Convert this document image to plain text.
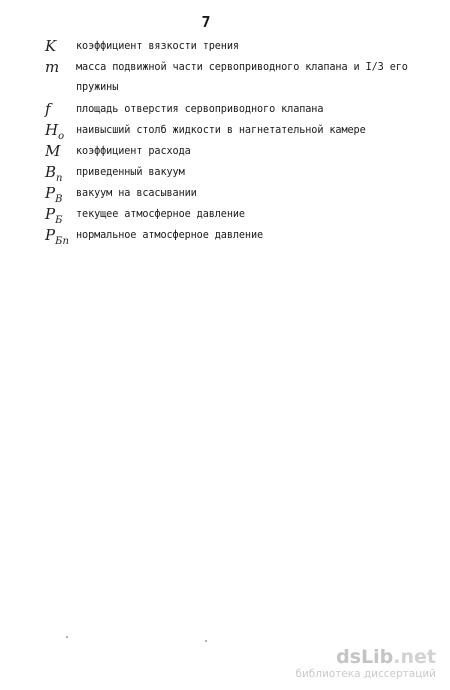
7
K коэффициент вязкости трения
m масса подвижной части сервоприводного клапана и I/3 его пружины
f площадь отверстия сервоприводного клапана
$H_o$
наивысший столб жидкости в нагнетательной камере
M коэффициент расхода
$B_п$
приведенный вакуум
$P_B$
вакуум на всасывании
$P_Б$
текущее атмосферное давление
$P_{Бп}$
нормальное атмосферное давление
dsLib.net
библиотека диссертаций
